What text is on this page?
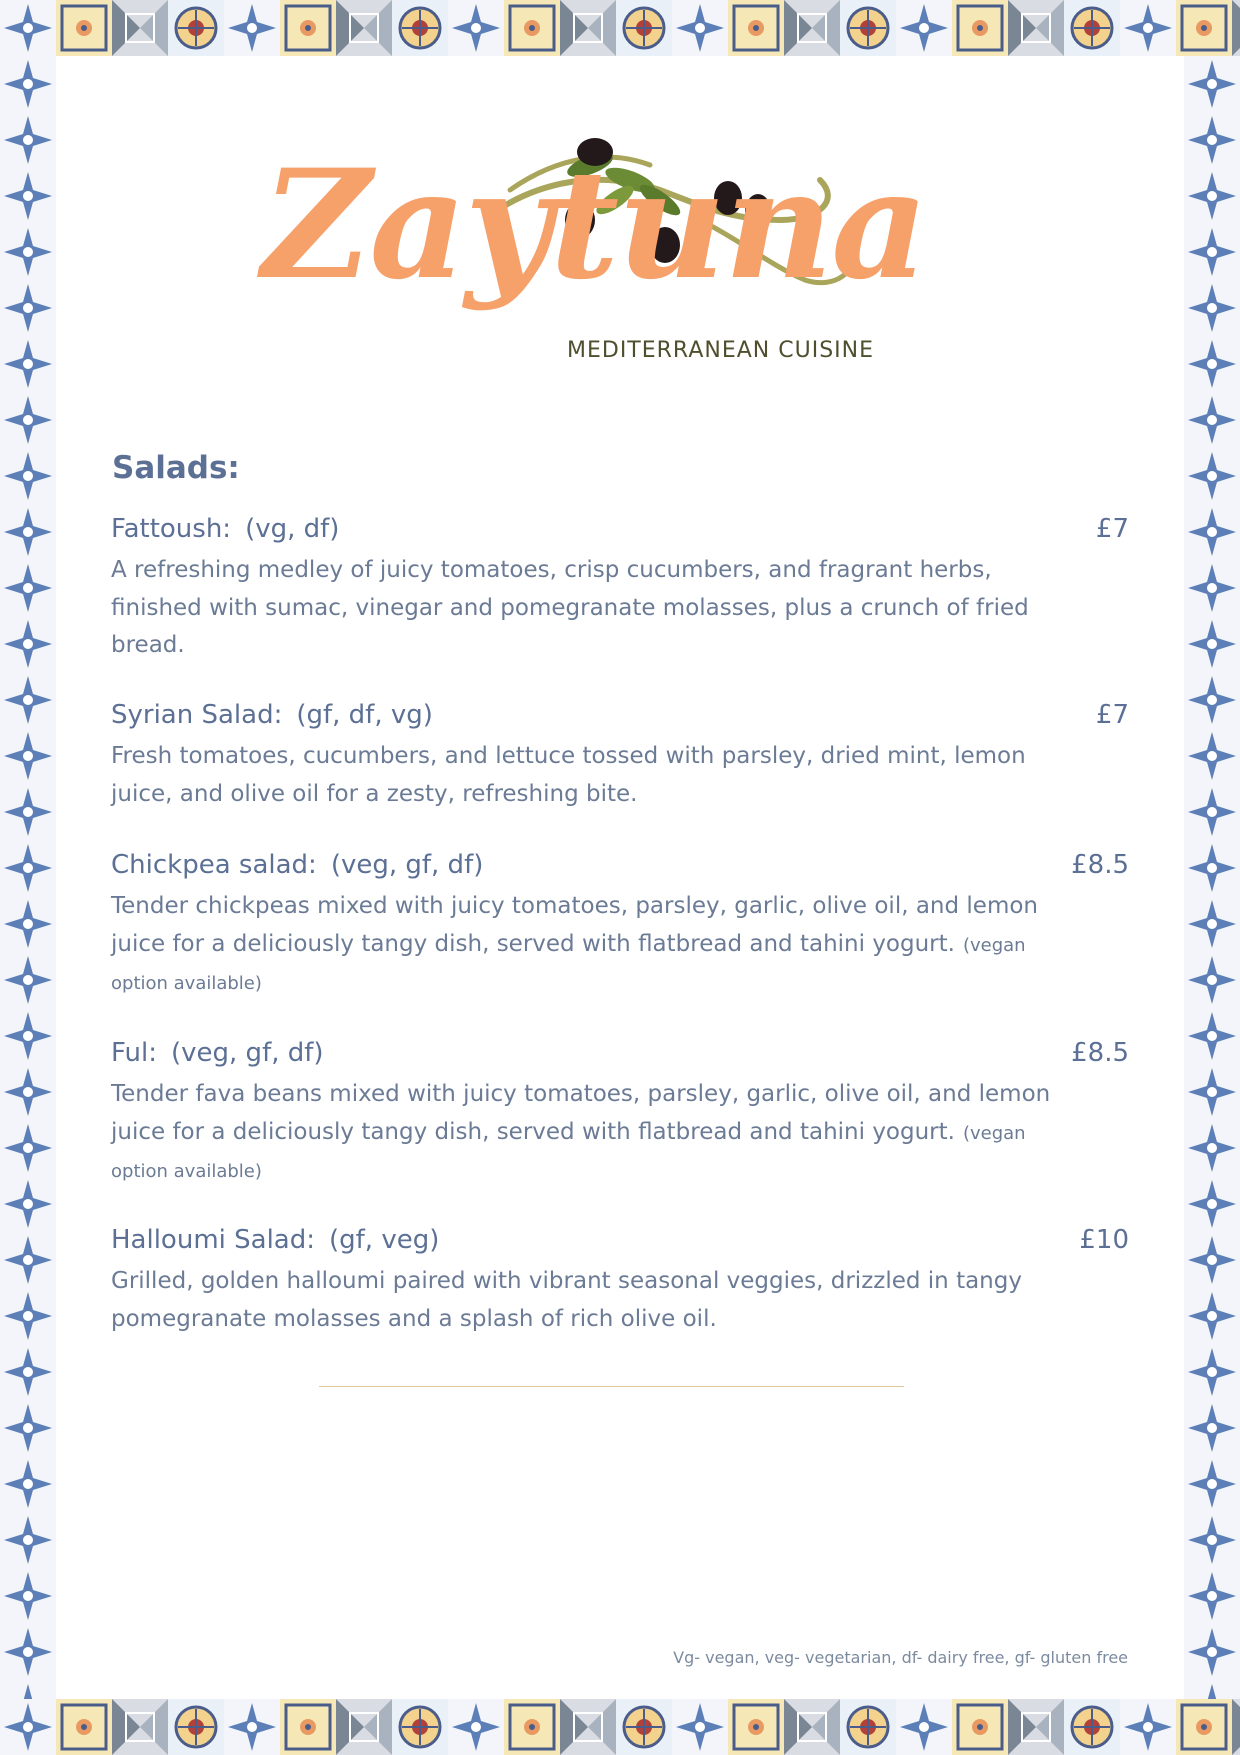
Zaytuna
MEDITERRANEAN CUISINE
Salads:
Fattoush: (vg, df)	£7
A refreshing medley of juicy tomatoes, crisp cucumbers, and fragrant herbs, finished with sumac, vinegar and pomegranate molasses, plus a crunch of fried bread.
Syrian Salad: (gf, df, vg)	£7
Fresh tomatoes, cucumbers, and lettuce tossed with parsley, dried mint, lemon juice, and olive oil for a zesty, refreshing bite.
Chickpea salad: (veg, gf, df)	£8.5
Tender chickpeas mixed with juicy tomatoes, parsley, garlic, olive oil, and lemon juice for a deliciously tangy dish, served with flatbread and tahini yogurt. (vegan option available)
Ful: (veg, gf, df)	£8.5
Tender fava beans mixed with juicy tomatoes, parsley, garlic, olive oil, and lemon juice for a deliciously tangy dish, served with flatbread and tahini yogurt. (vegan option available)
Halloumi Salad: (gf, veg)	£10
Grilled, golden halloumi paired with vibrant seasonal veggies, drizzled in tangy pomegranate molasses and a splash of rich olive oil.
Vg- vegan, veg- vegetarian, df- dairy free, gf- gluten free
